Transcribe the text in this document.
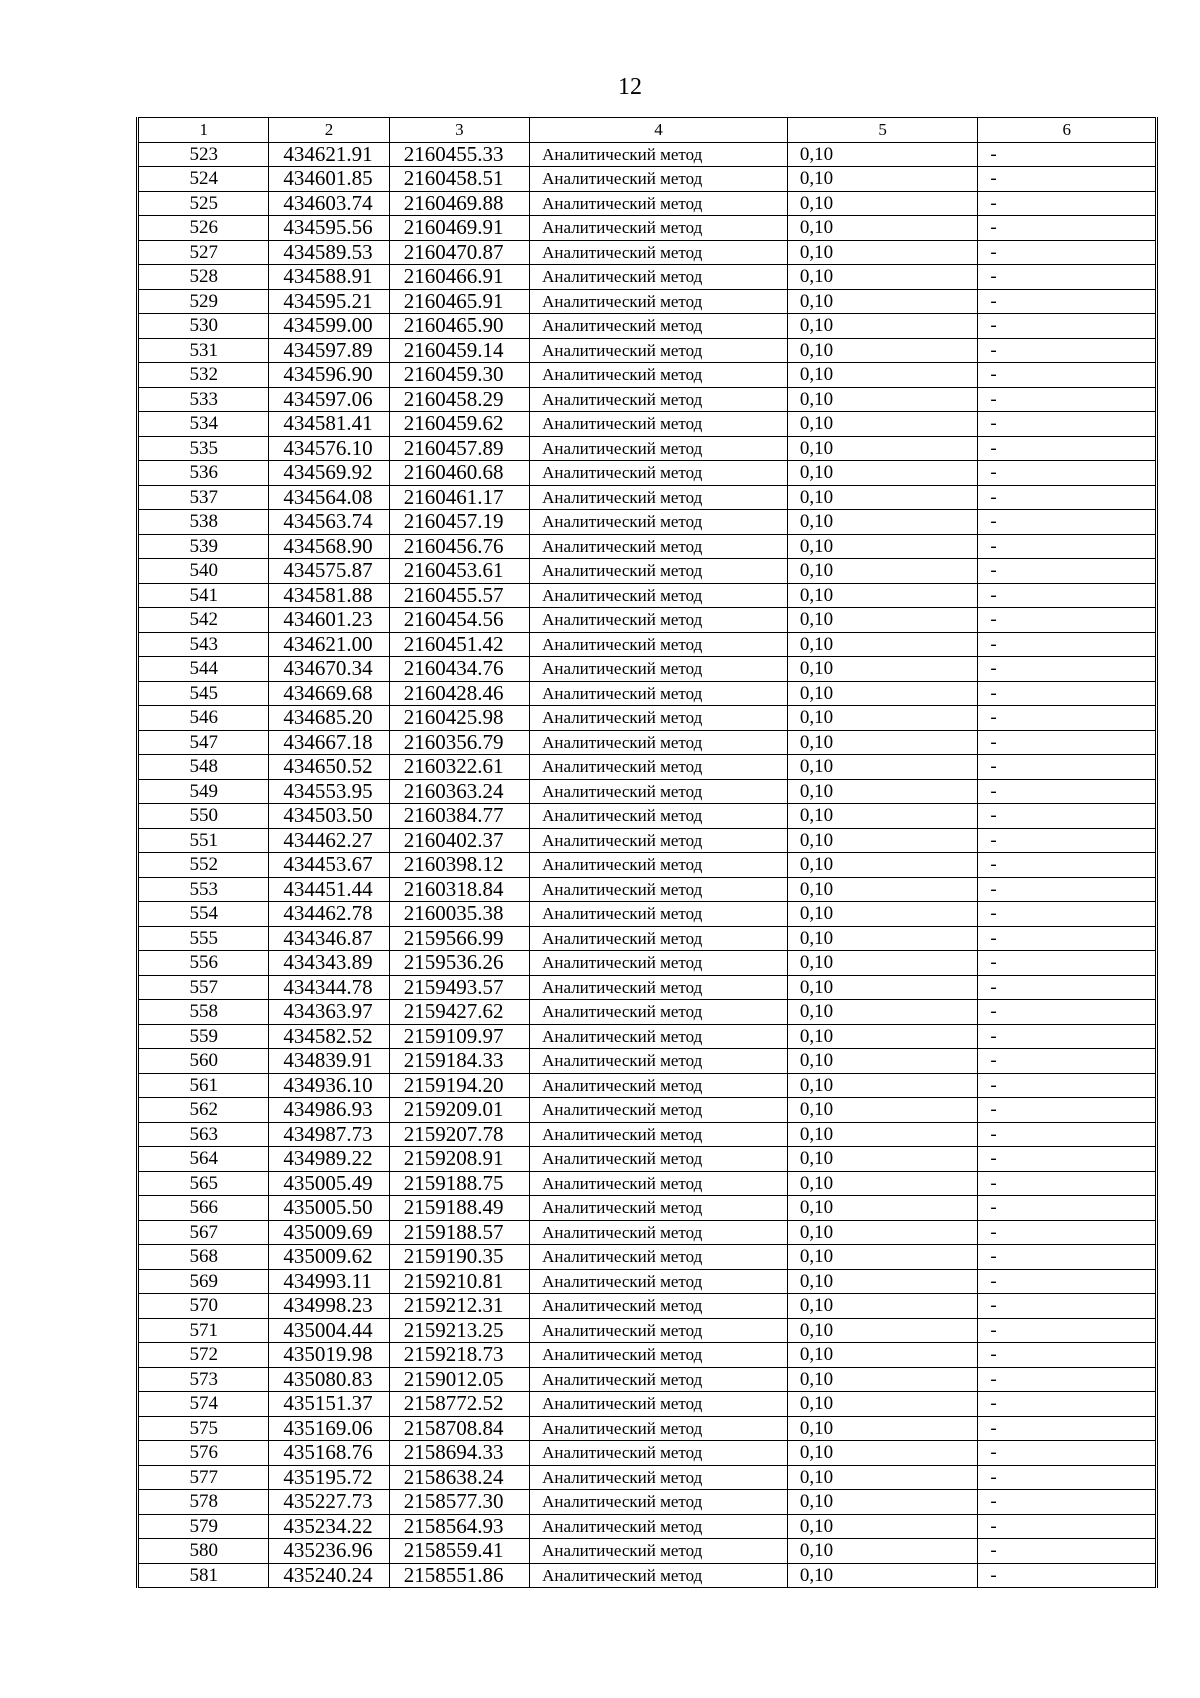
12
1	2	3	4	5	6
523	434621.91	2160455.33	Аналитический метод	0,10	-
524	434601.85	2160458.51	Аналитический метод	0,10	-
525	434603.74	2160469.88	Аналитический метод	0,10	-
526	434595.56	2160469.91	Аналитический метод	0,10	-
527	434589.53	2160470.87	Аналитический метод	0,10	-
528	434588.91	2160466.91	Аналитический метод	0,10	-
529	434595.21	2160465.91	Аналитический метод	0,10	-
530	434599.00	2160465.90	Аналитический метод	0,10	-
531	434597.89	2160459.14	Аналитический метод	0,10	-
532	434596.90	2160459.30	Аналитический метод	0,10	-
533	434597.06	2160458.29	Аналитический метод	0,10	-
534	434581.41	2160459.62	Аналитический метод	0,10	-
535	434576.10	2160457.89	Аналитический метод	0,10	-
536	434569.92	2160460.68	Аналитический метод	0,10	-
537	434564.08	2160461.17	Аналитический метод	0,10	-
538	434563.74	2160457.19	Аналитический метод	0,10	-
539	434568.90	2160456.76	Аналитический метод	0,10	-
540	434575.87	2160453.61	Аналитический метод	0,10	-
541	434581.88	2160455.57	Аналитический метод	0,10	-
542	434601.23	2160454.56	Аналитический метод	0,10	-
543	434621.00	2160451.42	Аналитический метод	0,10	-
544	434670.34	2160434.76	Аналитический метод	0,10	-
545	434669.68	2160428.46	Аналитический метод	0,10	-
546	434685.20	2160425.98	Аналитический метод	0,10	-
547	434667.18	2160356.79	Аналитический метод	0,10	-
548	434650.52	2160322.61	Аналитический метод	0,10	-
549	434553.95	2160363.24	Аналитический метод	0,10	-
550	434503.50	2160384.77	Аналитический метод	0,10	-
551	434462.27	2160402.37	Аналитический метод	0,10	-
552	434453.67	2160398.12	Аналитический метод	0,10	-
553	434451.44	2160318.84	Аналитический метод	0,10	-
554	434462.78	2160035.38	Аналитический метод	0,10	-
555	434346.87	2159566.99	Аналитический метод	0,10	-
556	434343.89	2159536.26	Аналитический метод	0,10	-
557	434344.78	2159493.57	Аналитический метод	0,10	-
558	434363.97	2159427.62	Аналитический метод	0,10	-
559	434582.52	2159109.97	Аналитический метод	0,10	-
560	434839.91	2159184.33	Аналитический метод	0,10	-
561	434936.10	2159194.20	Аналитический метод	0,10	-
562	434986.93	2159209.01	Аналитический метод	0,10	-
563	434987.73	2159207.78	Аналитический метод	0,10	-
564	434989.22	2159208.91	Аналитический метод	0,10	-
565	435005.49	2159188.75	Аналитический метод	0,10	-
566	435005.50	2159188.49	Аналитический метод	0,10	-
567	435009.69	2159188.57	Аналитический метод	0,10	-
568	435009.62	2159190.35	Аналитический метод	0,10	-
569	434993.11	2159210.81	Аналитический метод	0,10	-
570	434998.23	2159212.31	Аналитический метод	0,10	-
571	435004.44	2159213.25	Аналитический метод	0,10	-
572	435019.98	2159218.73	Аналитический метод	0,10	-
573	435080.83	2159012.05	Аналитический метод	0,10	-
574	435151.37	2158772.52	Аналитический метод	0,10	-
575	435169.06	2158708.84	Аналитический метод	0,10	-
576	435168.76	2158694.33	Аналитический метод	0,10	-
577	435195.72	2158638.24	Аналитический метод	0,10	-
578	435227.73	2158577.30	Аналитический метод	0,10	-
579	435234.22	2158564.93	Аналитический метод	0,10	-
580	435236.96	2158559.41	Аналитический метод	0,10	-
581	435240.24	2158551.86	Аналитический метод	0,10	-
